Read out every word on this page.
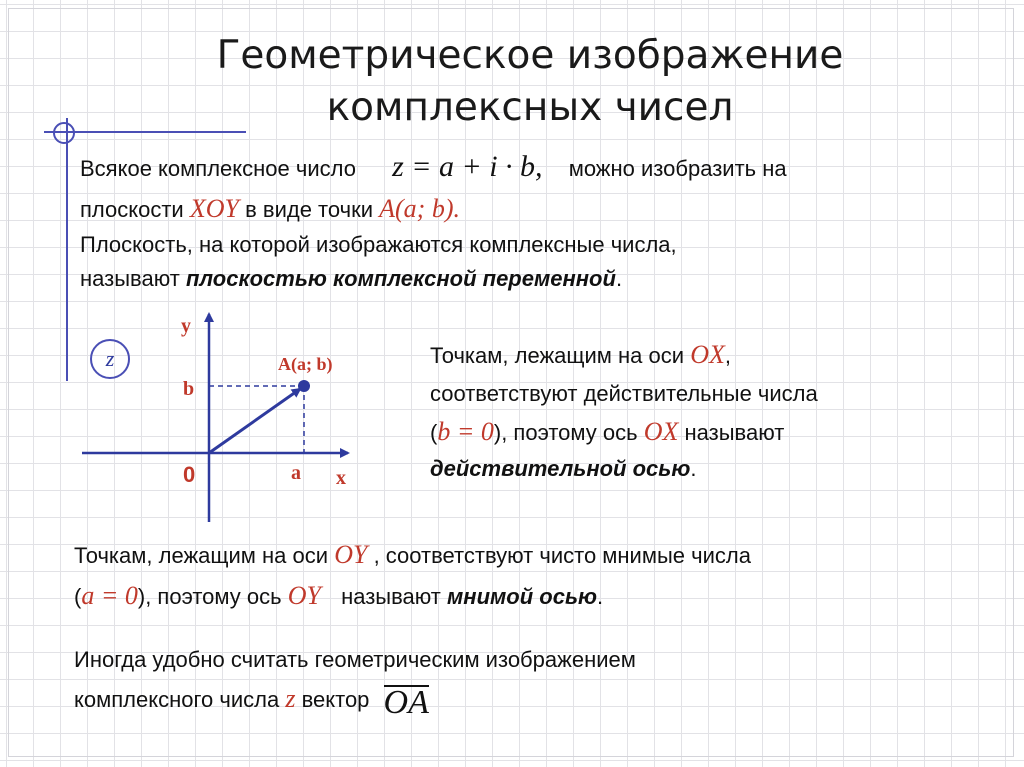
Геометрическое изображение
комплексных чисел
Всякое комплексное число z = a + i · b, можно изобразить на
плоскости XOY в виде точки A(a; b).
Плоскость, на которой изображаются комплексные числа,
называют плоскостью комплексной переменной.
z
y
x
0
b
a
A(a; b)	Точкам, лежащим на оси OX,
соответствуют действительные числа
(b = 0), поэтому ось OX называют
действительной осью.
Точкам, лежащим на оси OY , соответствуют чисто мнимые числа
(a = 0), поэтому ось OY называют мнимой осью.
Иногда удобно считать геометрическим изображением
комплексного числа z вектор OA
